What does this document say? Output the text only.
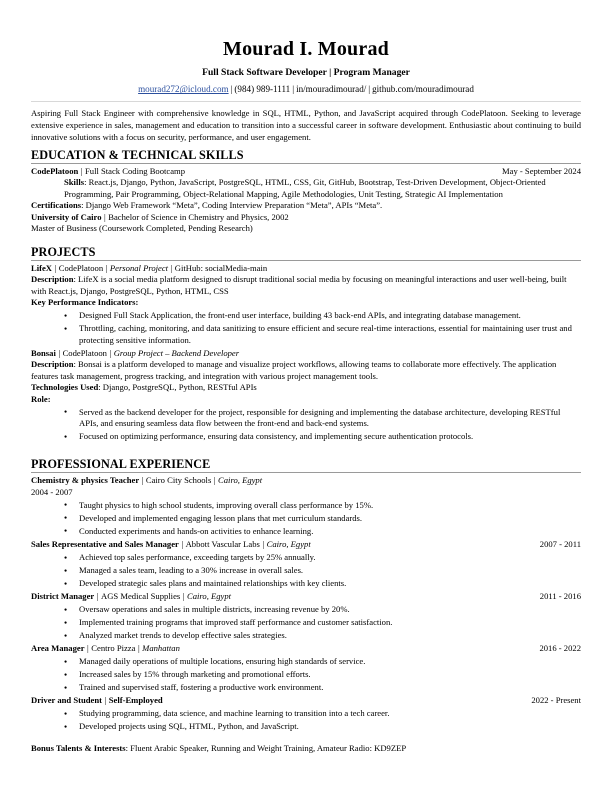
Mourad I. Mourad
Full Stack Software Developer | Program Manager
mourad272@icloud.com | (984) 989-1111 | in/mouradimourad/ | github.com/mouradimourad
Aspiring Full Stack Engineer with comprehensive knowledge in SQL, HTML, Python, and JavaScript acquired through CodePlatoon. Seeking to leverage extensive experience in sales, management and education to transition into a successful career in software development. Enthusiastic about continuing to build innovative solutions with a focus on security, performance, and user engagement.
EDUCATION & TECHNICAL SKILLS
CodePlatoon | Full Stack Coding Bootcamp	May - September 2024
Skills: React.js, Django, Python, JavaScript, PostgreSQL, HTML, CSS, Git, GitHub, Bootstrap, Test-Driven Development, Object-Oriented Programming, Pair Programming, Object-Relational Mapping, Agile Methodologies, Unit Testing, Strategic AI Implementation
Certifications: Django Web Framework “Meta”, Coding Interview Preparation “Meta”, APIs “Meta”.
University of Cairo | Bachelor of Science in Chemistry and Physics, 2002
Master of Business (Coursework Completed, Pending Research)
PROJECTS
LifeX | CodePlatoon | Personal Project | GitHub: socialMedia-main
Description: LifeX is a social media platform designed to disrupt traditional social media by focusing on meaningful interactions and user well-being, built with React.js, Django, PostgreSQL, Python, HTML, CSS
Key Performance Indicators:
● Designed Full Stack Application, the front-end user interface, building 43 back-end APIs, and integrating database management.
● Throttling, caching, monitoring, and data sanitizing to ensure efficient and secure real-time interactions, essential for maintaining user trust and protecting sensitive information.
Bonsai | CodePlatoon | Group Project – Backend Developer
Description: Bonsai is a platform developed to manage and visualize project workflows, allowing teams to collaborate more effectively. The application features task management, progress tracking, and integration with various project management tools.
Technologies Used: Django, PostgreSQL, Python, RESTful APIs
Role:
● Served as the backend developer for the project, responsible for designing and implementing the database architecture, developing RESTful APIs, and ensuring seamless data flow between the front-end and back-end systems.
● Focused on optimizing performance, ensuring data consistency, and implementing secure authentication protocols.
PROFESSIONAL EXPERIENCE
Chemistry & physics Teacher | Cairo City Schools | Cairo, Egypt
2004 - 2007
● Taught physics to high school students, improving overall class performance by 15%.
● Developed and implemented engaging lesson plans that met curriculum standards.
● Conducted experiments and hands-on activities to enhance learning.
Sales Representative and Sales Manager | Abbott Vascular Labs | Cairo, Egypt	2007 - 2011
● Achieved top sales performance, exceeding targets by 25% annually.
● Managed a sales team, leading to a 30% increase in overall sales.
● Developed strategic sales plans and maintained relationships with key clients.
District Manager | AGS Medical Supplies | Cairo, Egypt	2011 - 2016
● Oversaw operations and sales in multiple districts, increasing revenue by 20%.
● Implemented training programs that improved staff performance and customer satisfaction.
● Analyzed market trends to develop effective sales strategies.
Area Manager | Centro Pizza | Manhattan	2016 - 2022
● Managed daily operations of multiple locations, ensuring high standards of service.
● Increased sales by 15% through marketing and promotional efforts.
● Trained and supervised staff, fostering a productive work environment.
Driver and Student | Self-Employed	2022 - Present
● Studying programming, data science, and machine learning to transition into a tech career.
● Developed projects using SQL, HTML, Python, and JavaScript.
Bonus Talents & Interests: Fluent Arabic Speaker, Running and Weight Training, Amateur Radio: KD9ZEP
